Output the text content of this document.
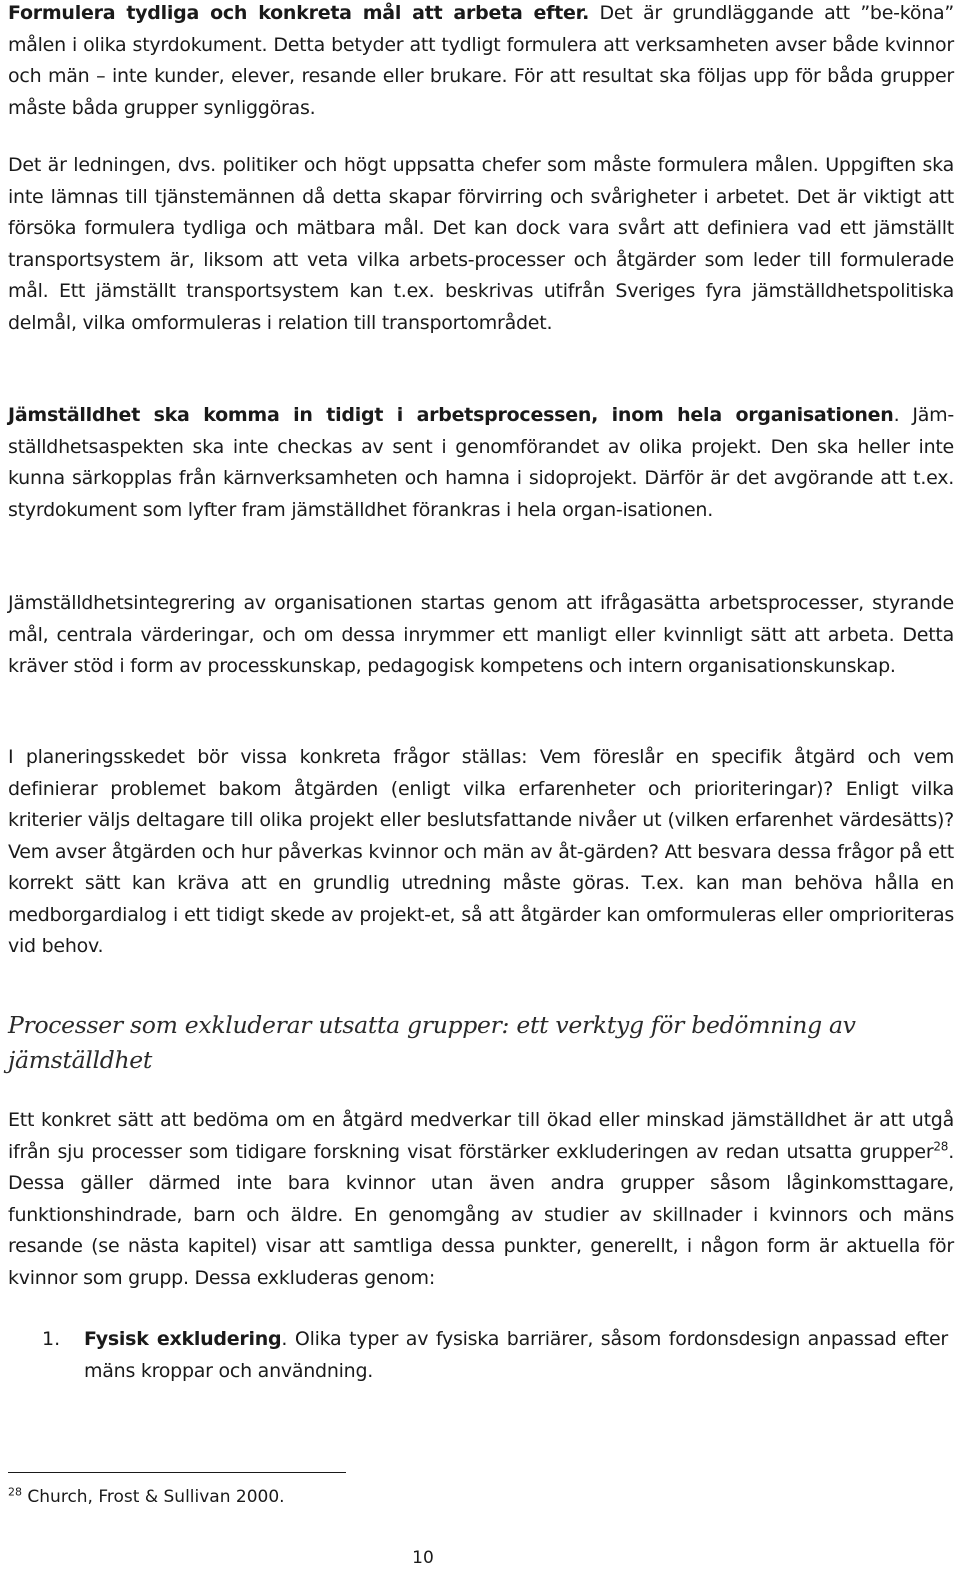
Formulera tydliga och konkreta mål att arbeta efter. Det är grundläggande att ”be-köna” målen i olika styrdokument. Detta betyder att tydligt formulera att verksamheten avser både kvinnor och män – inte kunder, elever, resande eller brukare. För att resultat ska följas upp för båda grupper måste båda grupper synliggöras.

Det är ledningen, dvs. politiker och högt uppsatta chefer som måste formulera målen. Uppgiften ska inte lämnas till tjänstemännen då detta skapar förvirring och svårigheter i arbetet. Det är viktigt att försöka formulera tydliga och mätbara mål. Det kan dock vara svårt att definiera vad ett jämställt transportsystem är, liksom att veta vilka arbets-processer och åtgärder som leder till formulerade mål. Ett jämställt transportsystem kan t.ex. beskrivas utifrån Sveriges fyra jämställdhetspolitiska delmål, vilka omformuleras i relation till transportområdet.

Jämställdhet ska komma in tidigt i arbetsprocessen, inom hela organisationen. Jäm-ställdhetsaspekten ska inte checkas av sent i genomförandet av olika projekt. Den ska heller inte kunna särkopplas från kärnverksamheten och hamna i sidoprojekt. Därför är det avgörande att t.ex. styrdokument som lyfter fram jämställdhet förankras i hela organ-isationen.

Jämställdhetsintegrering av organisationen startas genom att ifrågasätta arbetsprocesser, styrande mål, centrala värderingar, och om dessa inrymmer ett manligt eller kvinnligt sätt att arbeta. Detta kräver stöd i form av processkunskap, pedagogisk kompetens och intern organisationskunskap.

I planeringsskedet bör vissa konkreta frågor ställas: Vem föreslår en specifik åtgärd och vem definierar problemet bakom åtgärden (enligt vilka erfarenheter och prioriteringar)? Enligt vilka kriterier väljs deltagare till olika projekt eller beslutsfattande nivåer ut (vilken erfarenhet värdesätts)? Vem avser åtgärden och hur påverkas kvinnor och män av åt-gärden? Att besvara dessa frågor på ett korrekt sätt kan kräva att en grundlig utredning måste göras. T.ex. kan man behöva hålla en medborgardialog i ett tidigt skede av projekt-et, så att åtgärder kan omformuleras eller omprioriteras vid behov.

Processer som exkluderar utsatta grupper: ett verktyg för bedömning av jämställdhet

Ett konkret sätt att bedöma om en åtgärd medverkar till ökad eller minskad jämställdhet är att utgå ifrån sju processer som tidigare forskning visat förstärker exkluderingen av redan utsatta grupper$^{28}$. Dessa gäller därmed inte bara kvinnor utan även andra grupper såsom låginkomsttagare, funktionshindrade, barn och äldre. En genomgång av studier av skillnader i kvinnors och mäns resande (se nästa kapitel) visar att samtliga dessa punkter, generellt, i någon form är aktuella för kvinnor som grupp. Dessa exkluderas genom:

1. Fysisk exkludering. Olika typer av fysiska barriärer, såsom fordonsdesign anpassad efter mäns kroppar och användning.

$^{28}$ Church, Frost & Sullivan 2000.
10
